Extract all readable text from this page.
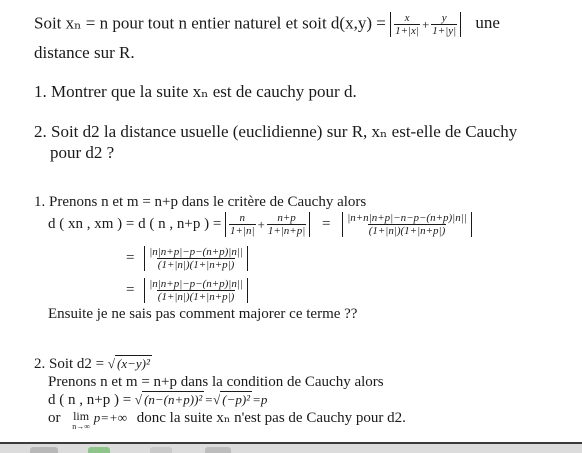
Soit xₙ = n pour tout n entier naturel et soit d(x,y) = x
$1+|x| + \frac{y}{1+|y|}$ une
distance sur R.
1. Montrer que la suite xₙ est de cauchy pour d.
2. Soit d2 la distance usuelle (euclidienne) sur R, xₙ est-elle de Cauchy
pour d2 ?
1. Prenons n et m = n+p dans le critère de Cauchy alors
d ( xn , xm ) = d ( n , n+p ) = n
$1+|n| + \frac{n+p}{1+|n+p|} = |n+n|n+p|-n-p-(n+p)|n||$
(1+|n|)(1+|n+p|)
= |n|n+p|−p−(n+p)|n||
(1+|n|)(1+|n+p|)
= |n|n+p|−p−(n+p)|n||
(1+|n|)(1+|n+p|)
Ensuite je ne sais pas comment majorer ce terme ??
2. Soit d2 = √ (x−y)²
Prenons n et m = n+p dans la condition de Cauchy alors
d ( n , n+p ) = √ (n−(n+p))² =√ (−p)² =p
or lim
n→∞
p=+∞ donc la suite xₙ n'est pas de Cauchy pour d2.
